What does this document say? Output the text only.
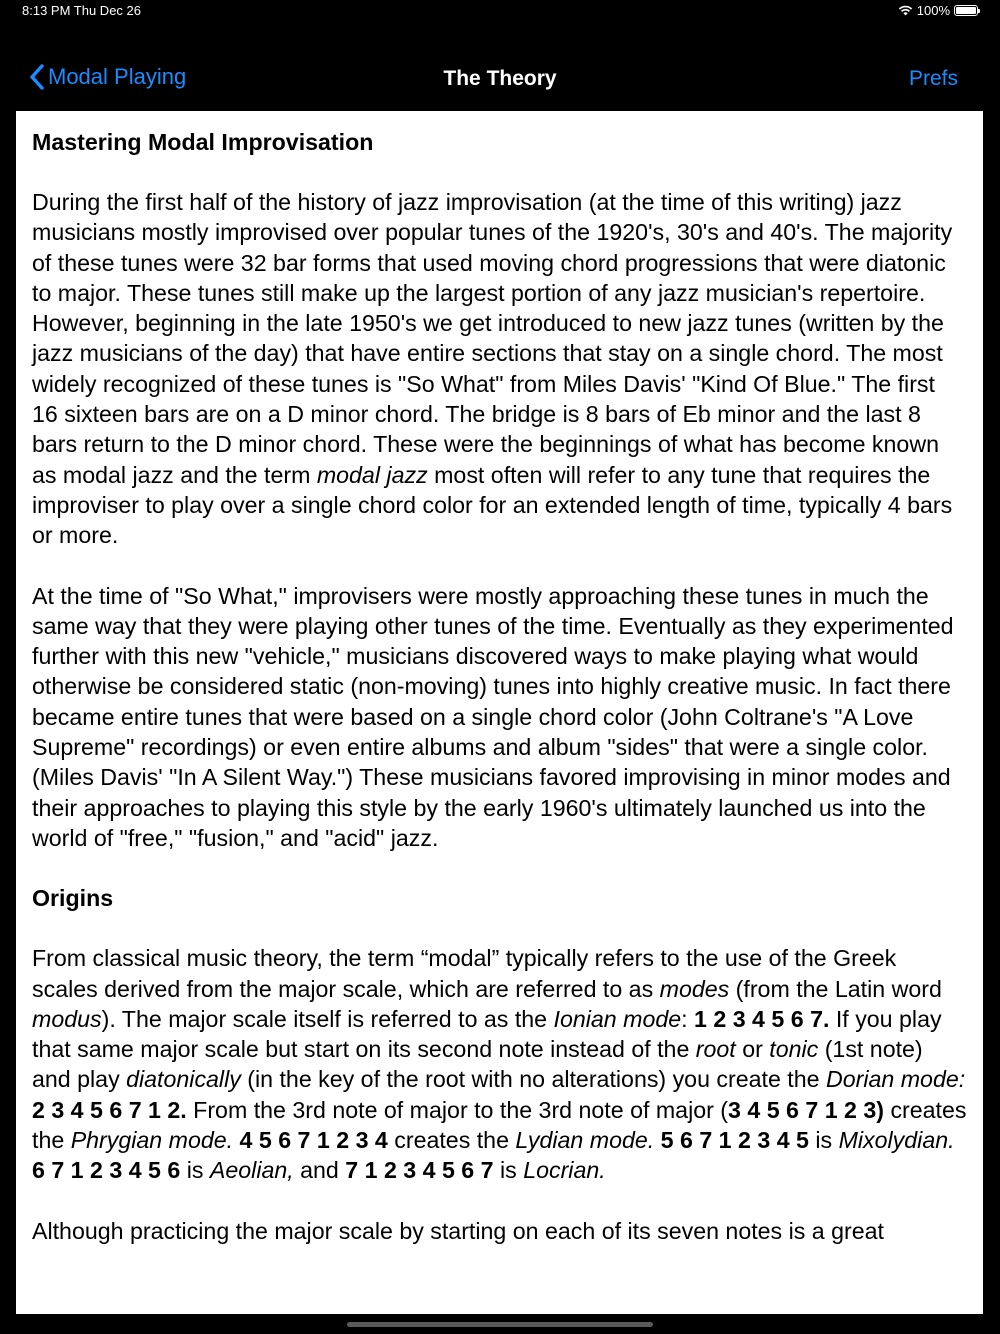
8:13 PM Thu Dec 26	100%
Modal Playing	The Theory	Prefs
Mastering Modal Improvisation

During the first half of the history of jazz improvisation (at the time of this writing) jazz musicians mostly improvised over popular tunes of the 1920's, 30's and 40's. The majority of these tunes were 32 bar forms that used moving chord progressions that were diatonic to major. These tunes still make up the largest portion of any jazz musician's repertoire. However, beginning in the late 1950's we get introduced to new jazz tunes (written by the jazz musicians of the day) that have entire sections that stay on a single chord. The most widely recognized of these tunes is "So What" from Miles Davis' "Kind Of Blue." The first 16 sixteen bars are on a D minor chord. The bridge is 8 bars of Eb minor and the last 8 bars return to the D minor chord. These were the beginnings of what has become known as modal jazz and the term modal jazz most often will refer to any tune that requires the improviser to play over a single chord color for an extended length of time, typically 4 bars or more.

At the time of "So What," improvisers were mostly approaching these tunes in much the same way that they were playing other tunes of the time. Eventually as they experimented further with this new "vehicle," musicians discovered ways to make playing what would otherwise be considered static (non-moving) tunes into highly creative music. In fact there became entire tunes that were based on a single chord color (John Coltrane's "A Love Supreme" recordings) or even entire albums and album "sides" that were a single color. (Miles Davis' "In A Silent Way.") These musicians favored improvising in minor modes and their approaches to playing this style by the early 1960's ultimately launched us into the world of "free," "fusion," and "acid" jazz.

Origins

From classical music theory, the term “modal” typically refers to the use of the Greek scales derived from the major scale, which are referred to as modes (from the Latin word modus). The major scale itself is referred to as the Ionian mode: 1 2 3 4 5 6 7. If you play that same major scale but start on its second note instead of the root or tonic (1st note) and play diatonically (in the key of the root with no alterations) you create the Dorian mode: 2 3 4 5 6 7 1 2. From the 3rd note of major to the 3rd note of major (3 4 5 6 7 1 2 3) creates the Phrygian mode. 4 5 6 7 1 2 3 4 creates the Lydian mode. 5 6 7 1 2 3 4 5 is Mixolydian. 6 7 1 2 3 4 5 6 is Aeolian, and 7 1 2 3 4 5 6 7 is Locrian.

Although practicing the major scale by starting on each of its seven notes is a great
